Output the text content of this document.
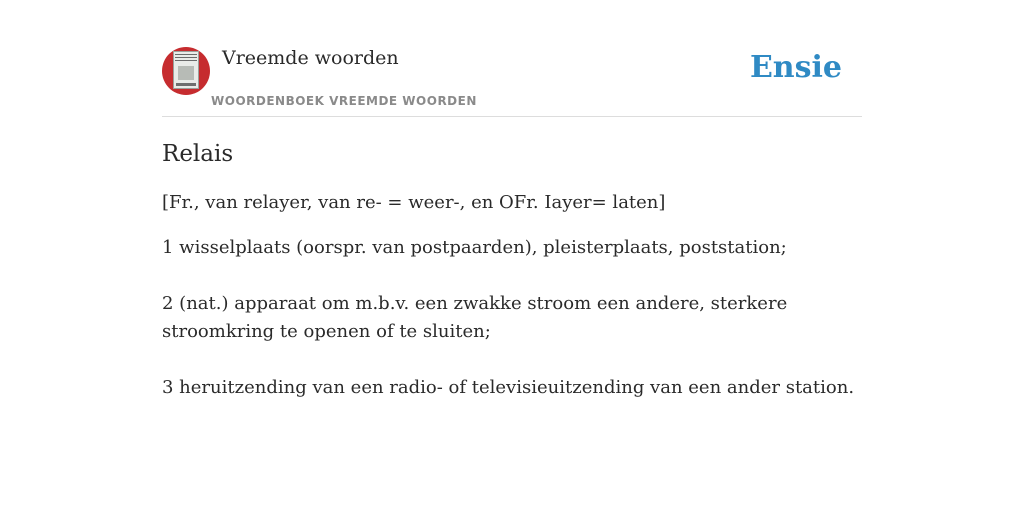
Vreemde woorden
WOORDENBOEK VREEMDE WOORDEN
Ensie
Relais

[Fr., van relayer, van re- = weer-, en OFr. Iayer= laten]

1 wisselplaats (oorspr. van postpaarden), pleisterplaats, poststation;

2 (nat.) apparaat om m.b.v. een zwakke stroom een andere, sterkere stroomkring te openen of te sluiten;

3 heruitzending van een radio- of televisieuitzending van een ander station.
